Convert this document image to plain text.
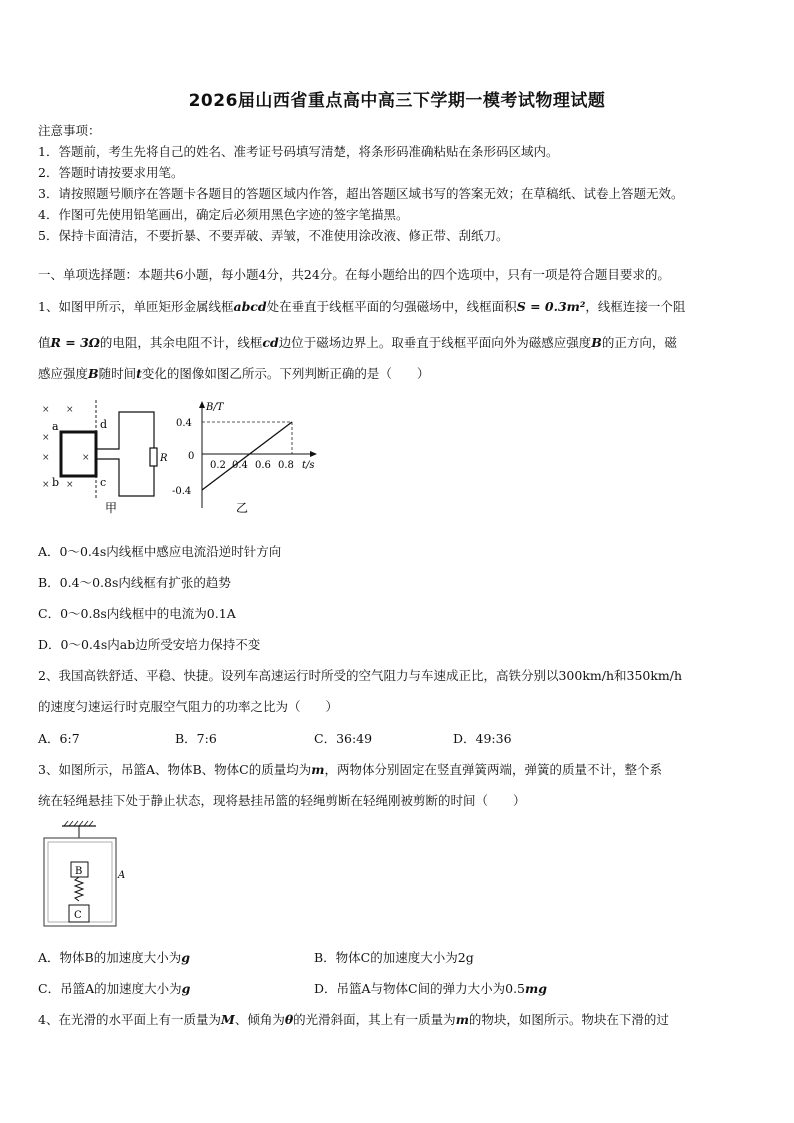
2026届山西省重点高中高三下学期一模考试物理试题
注意事项：
1．答题前，考生先将自己的姓名、准考证号码填写清楚，将条形码准确粘贴在条形码区域内。
2．答题时请按要求用笔。
3．请按照题号顺序在答题卡各题目的答题区域内作答，超出答题区域书写的答案无效；在草稿纸、试卷上答题无效。
4．作图可先使用铅笔画出，确定后必须用黑色字迹的签字笔描黑。
5．保持卡面清洁，不要折暴、不要弄破、弄皱，不准使用涂改液、修正带、刮纸刀。
一、单项选择题：本题共6小题，每小题4分，共24分。在每小题给出的四个选项中，只有一项是符合题目要求的。
1、如图甲所示，单匝矩形金属线框abcd处在垂直于线框平面的匀强磁场中，线框面积S = 0.3m²，线框连接一个阻
值R = 3Ω的电阻，其余电阻不计，线框cd边位于磁场边界上。取垂直于线框平面向外为磁感应强度B的正方向，磁
感应强度B随时间t变化的图像如图乙所示。下列判断正确的是（　　）
× ×
×
×
× ×
×
a
b	c
d
R
甲
B/T
0.4
0
-0.4
0.2 0.4 0.6 0.8 t/s
乙
A．0～0.4s内线框中感应电流沿逆时针方向
B．0.4～0.8s内线框有扩张的趋势
C．0～0.8s内线框中的电流为0.1A
D．0～0.4s内ab边所受安培力保持不变
2、我国高铁舒适、平稳、快捷。设列车高速运行时所受的空气阻力与车速成正比，高铁分别以300km/h和350km/h
的速度匀速运行时克服空气阻力的功率之比为（　　）
A．6:7	B．7:6	C．36:49	D．49:36
3、如图所示，吊篮A、物体B、物体C的质量均为m，两物体分别固定在竖直弹簧两端，弹簧的质量不计，整个系
统在轻绳悬挂下处于静止状态，现将悬挂吊篮的轻绳剪断在轻绳刚被剪断的时间（　　）
B
C
A
A．物体B的加速度大小为g	B．物体C的加速度大小为2g
C．吊篮A的加速度大小为g	D．吊篮A与物体C间的弹力大小为0.5mg
4、在光滑的水平面上有一质量为M、倾角为θ的光滑斜面，其上有一质量为m的物块，如图所示。物块在下滑的过
